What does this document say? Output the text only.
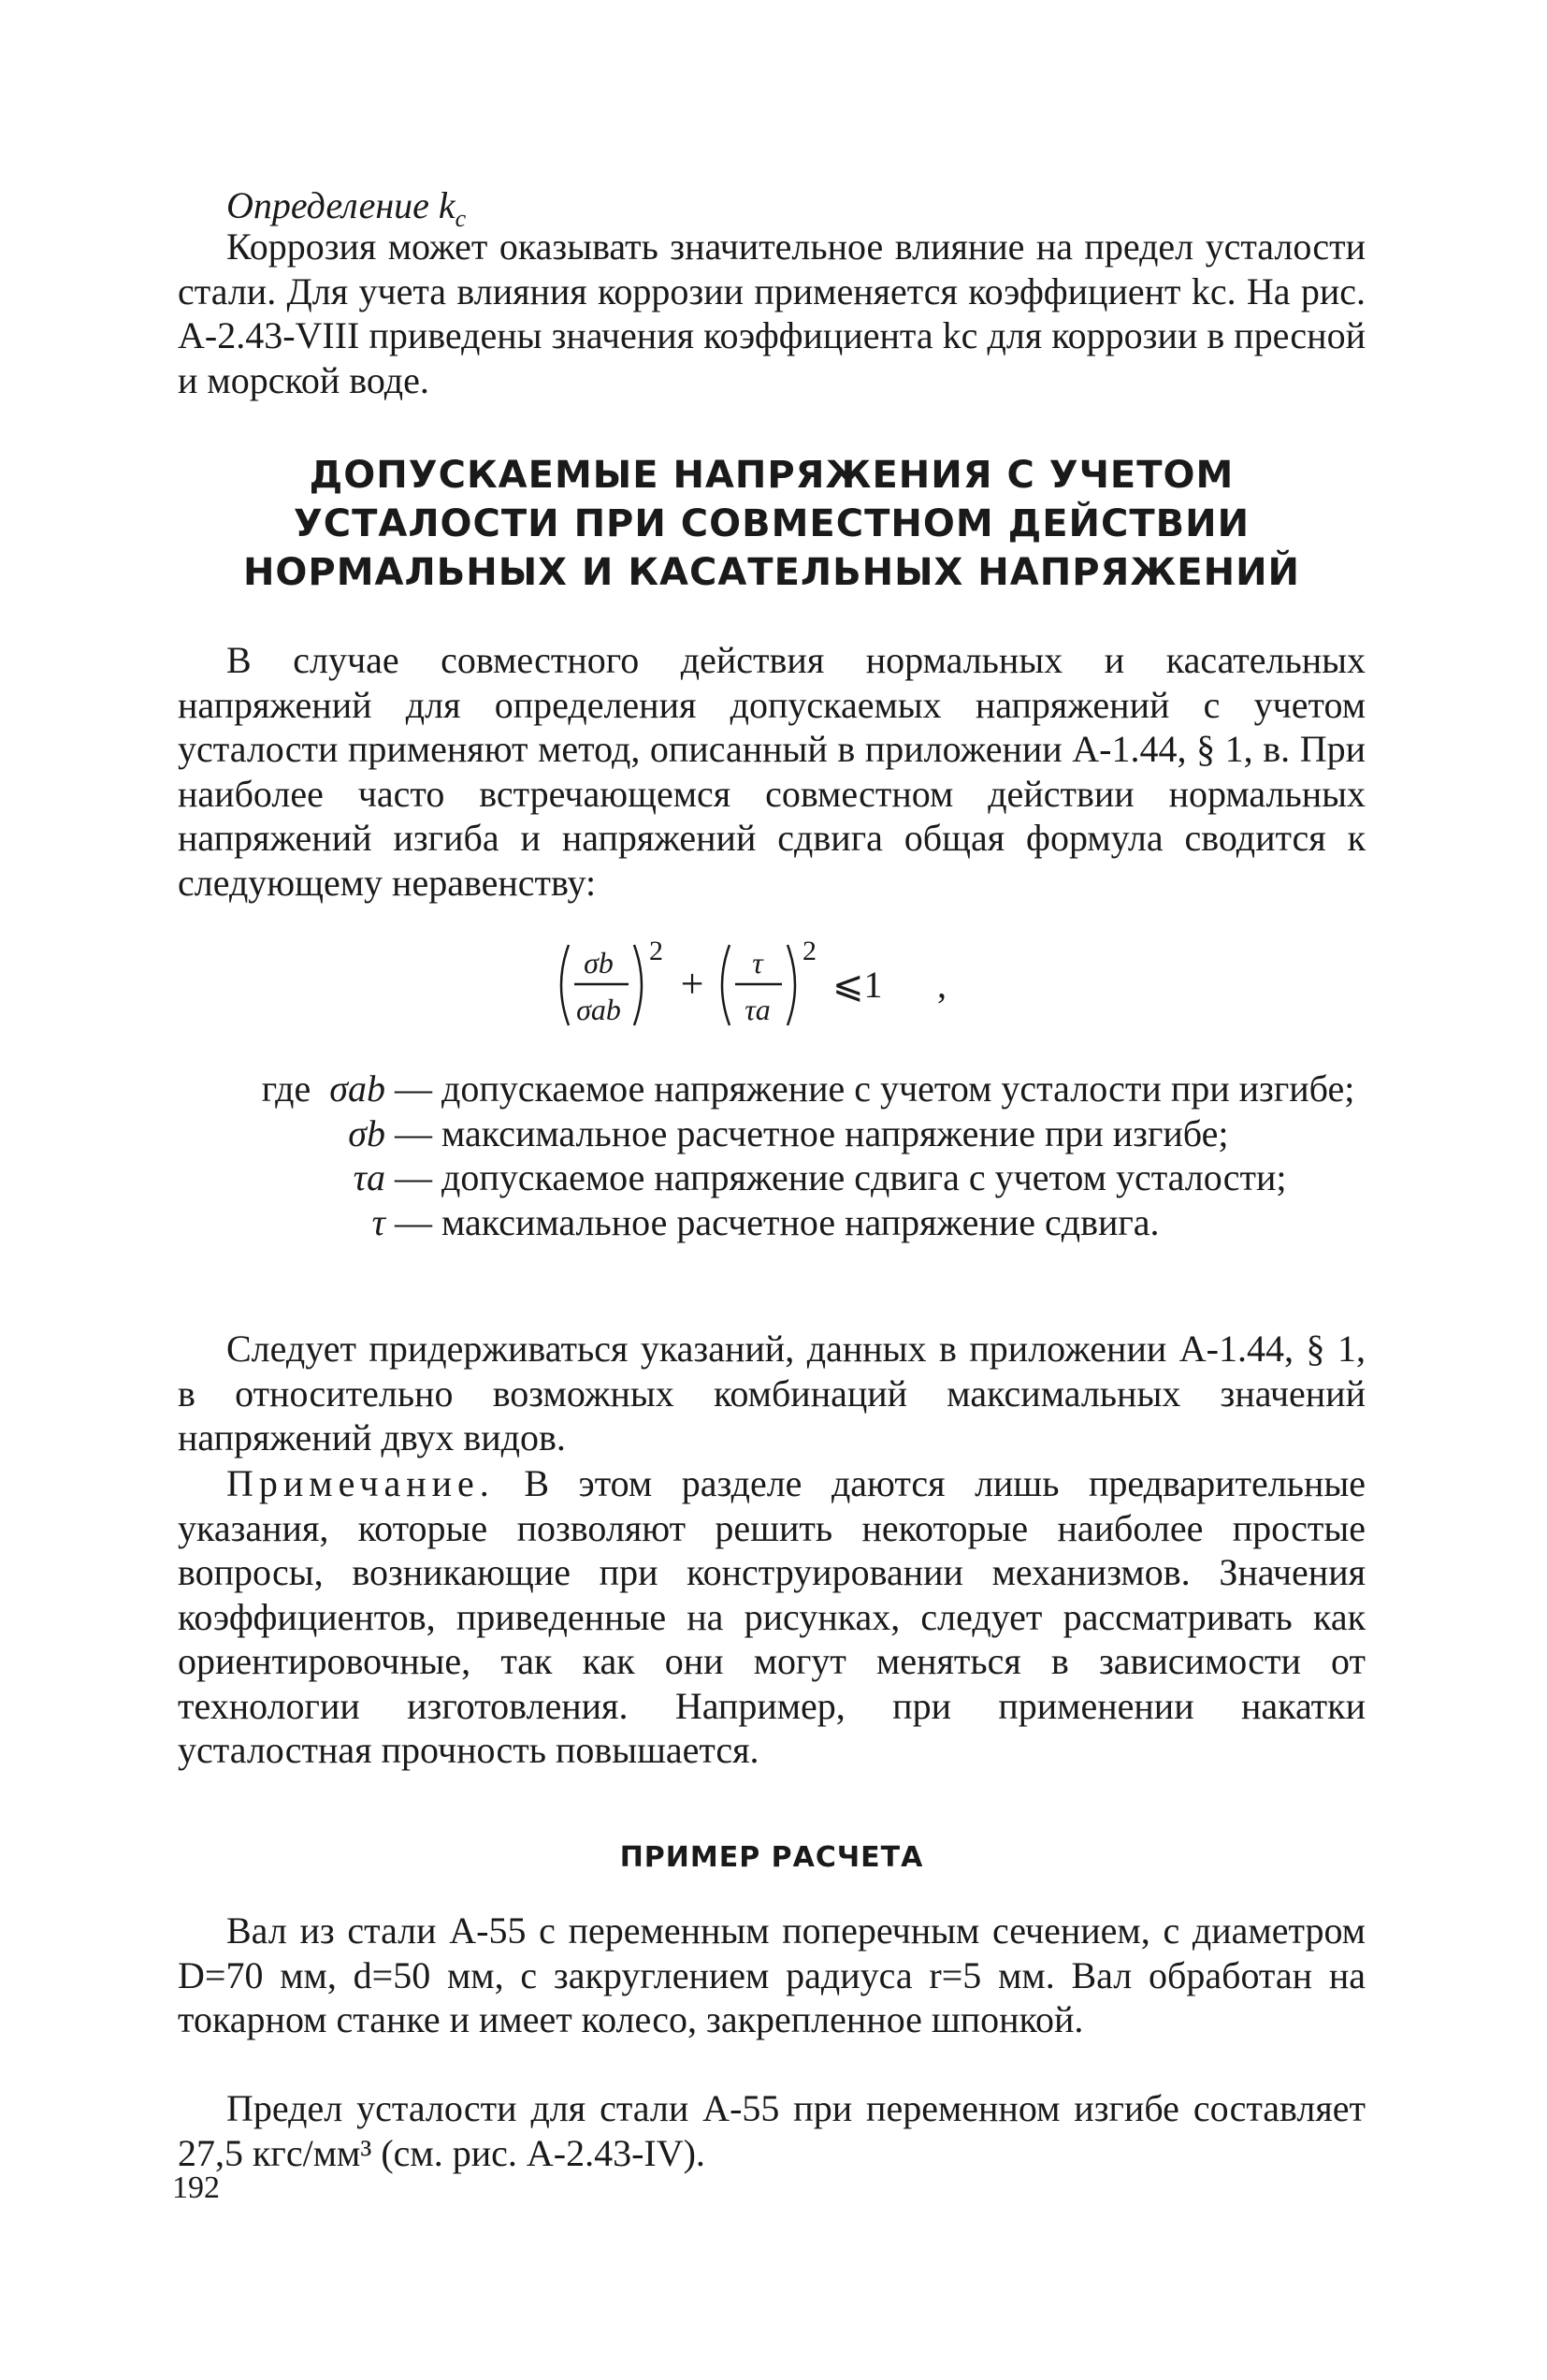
Определение $k_c$

Коррозия может оказывать значительное влияние на предел усталости стали. Для учета влияния коррозии применяется коэффициент kc. На рис. А-2.43-VIII приведены значения коэффициента kc для коррозии в пресной и морской воде.

ДОПУСКАЕМЫЕ НАПРЯЖЕНИЯ С УЧЕТОМ
УСТАЛОСТИ ПРИ СОВМЕСТНОМ ДЕЙСТВИИ
НОРМАЛЬНЫХ И КАСАТЕЛЬНЫХ НАПРЯЖЕНИЙ

В случае совместного действия нормальных и касательных напряжений для определения допускаемых напряжений с учетом усталости применяют метод, описанный в приложении А-1.44, § 1, в. При наиболее часто встречающемся совместном действии нормальных напряжений изгиба и напряжений сдвига общая формула сводится к следующему неравенству:

σb
σab
2
+ τ
τa
2
⩽1 ,
где σab — допускаемое напряжение с учетом усталости при изгибе;
σb — максимальное расчетное напряжение при изгибе;
τa — допускаемое напряжение сдвига с учетом усталости;
τ — максимальное расчетное напряжение сдвига.

Следует придерживаться указаний, данных в приложении А-1.44, § 1, в относительно возможных комбинаций максимальных значений напряжений двух видов.

Примечание. В этом разделе даются лишь предварительные указания, которые позволяют решить некоторые наиболее простые вопросы, возникающие при конструировании механизмов. Значения коэффициентов, приведенные на рисунках, следует рассматривать как ориентировочные, так как они могут меняться в зависимости от технологии изготовления. Например, при применении накатки усталостная прочность повышается.

ПРИМЕР РАСЧЕТА

Вал из стали А-55 с переменным поперечным сечением, с диаметром D=70 мм, d=50 мм, с закруглением радиуса r=5 мм. Вал обработан на токарном станке и имеет колесо, закрепленное шпонкой.

Предел усталости для стали А-55 при переменном изгибе составляет 27,5 кгс/мм³ (см. рис. А-2.43-IV).

192
